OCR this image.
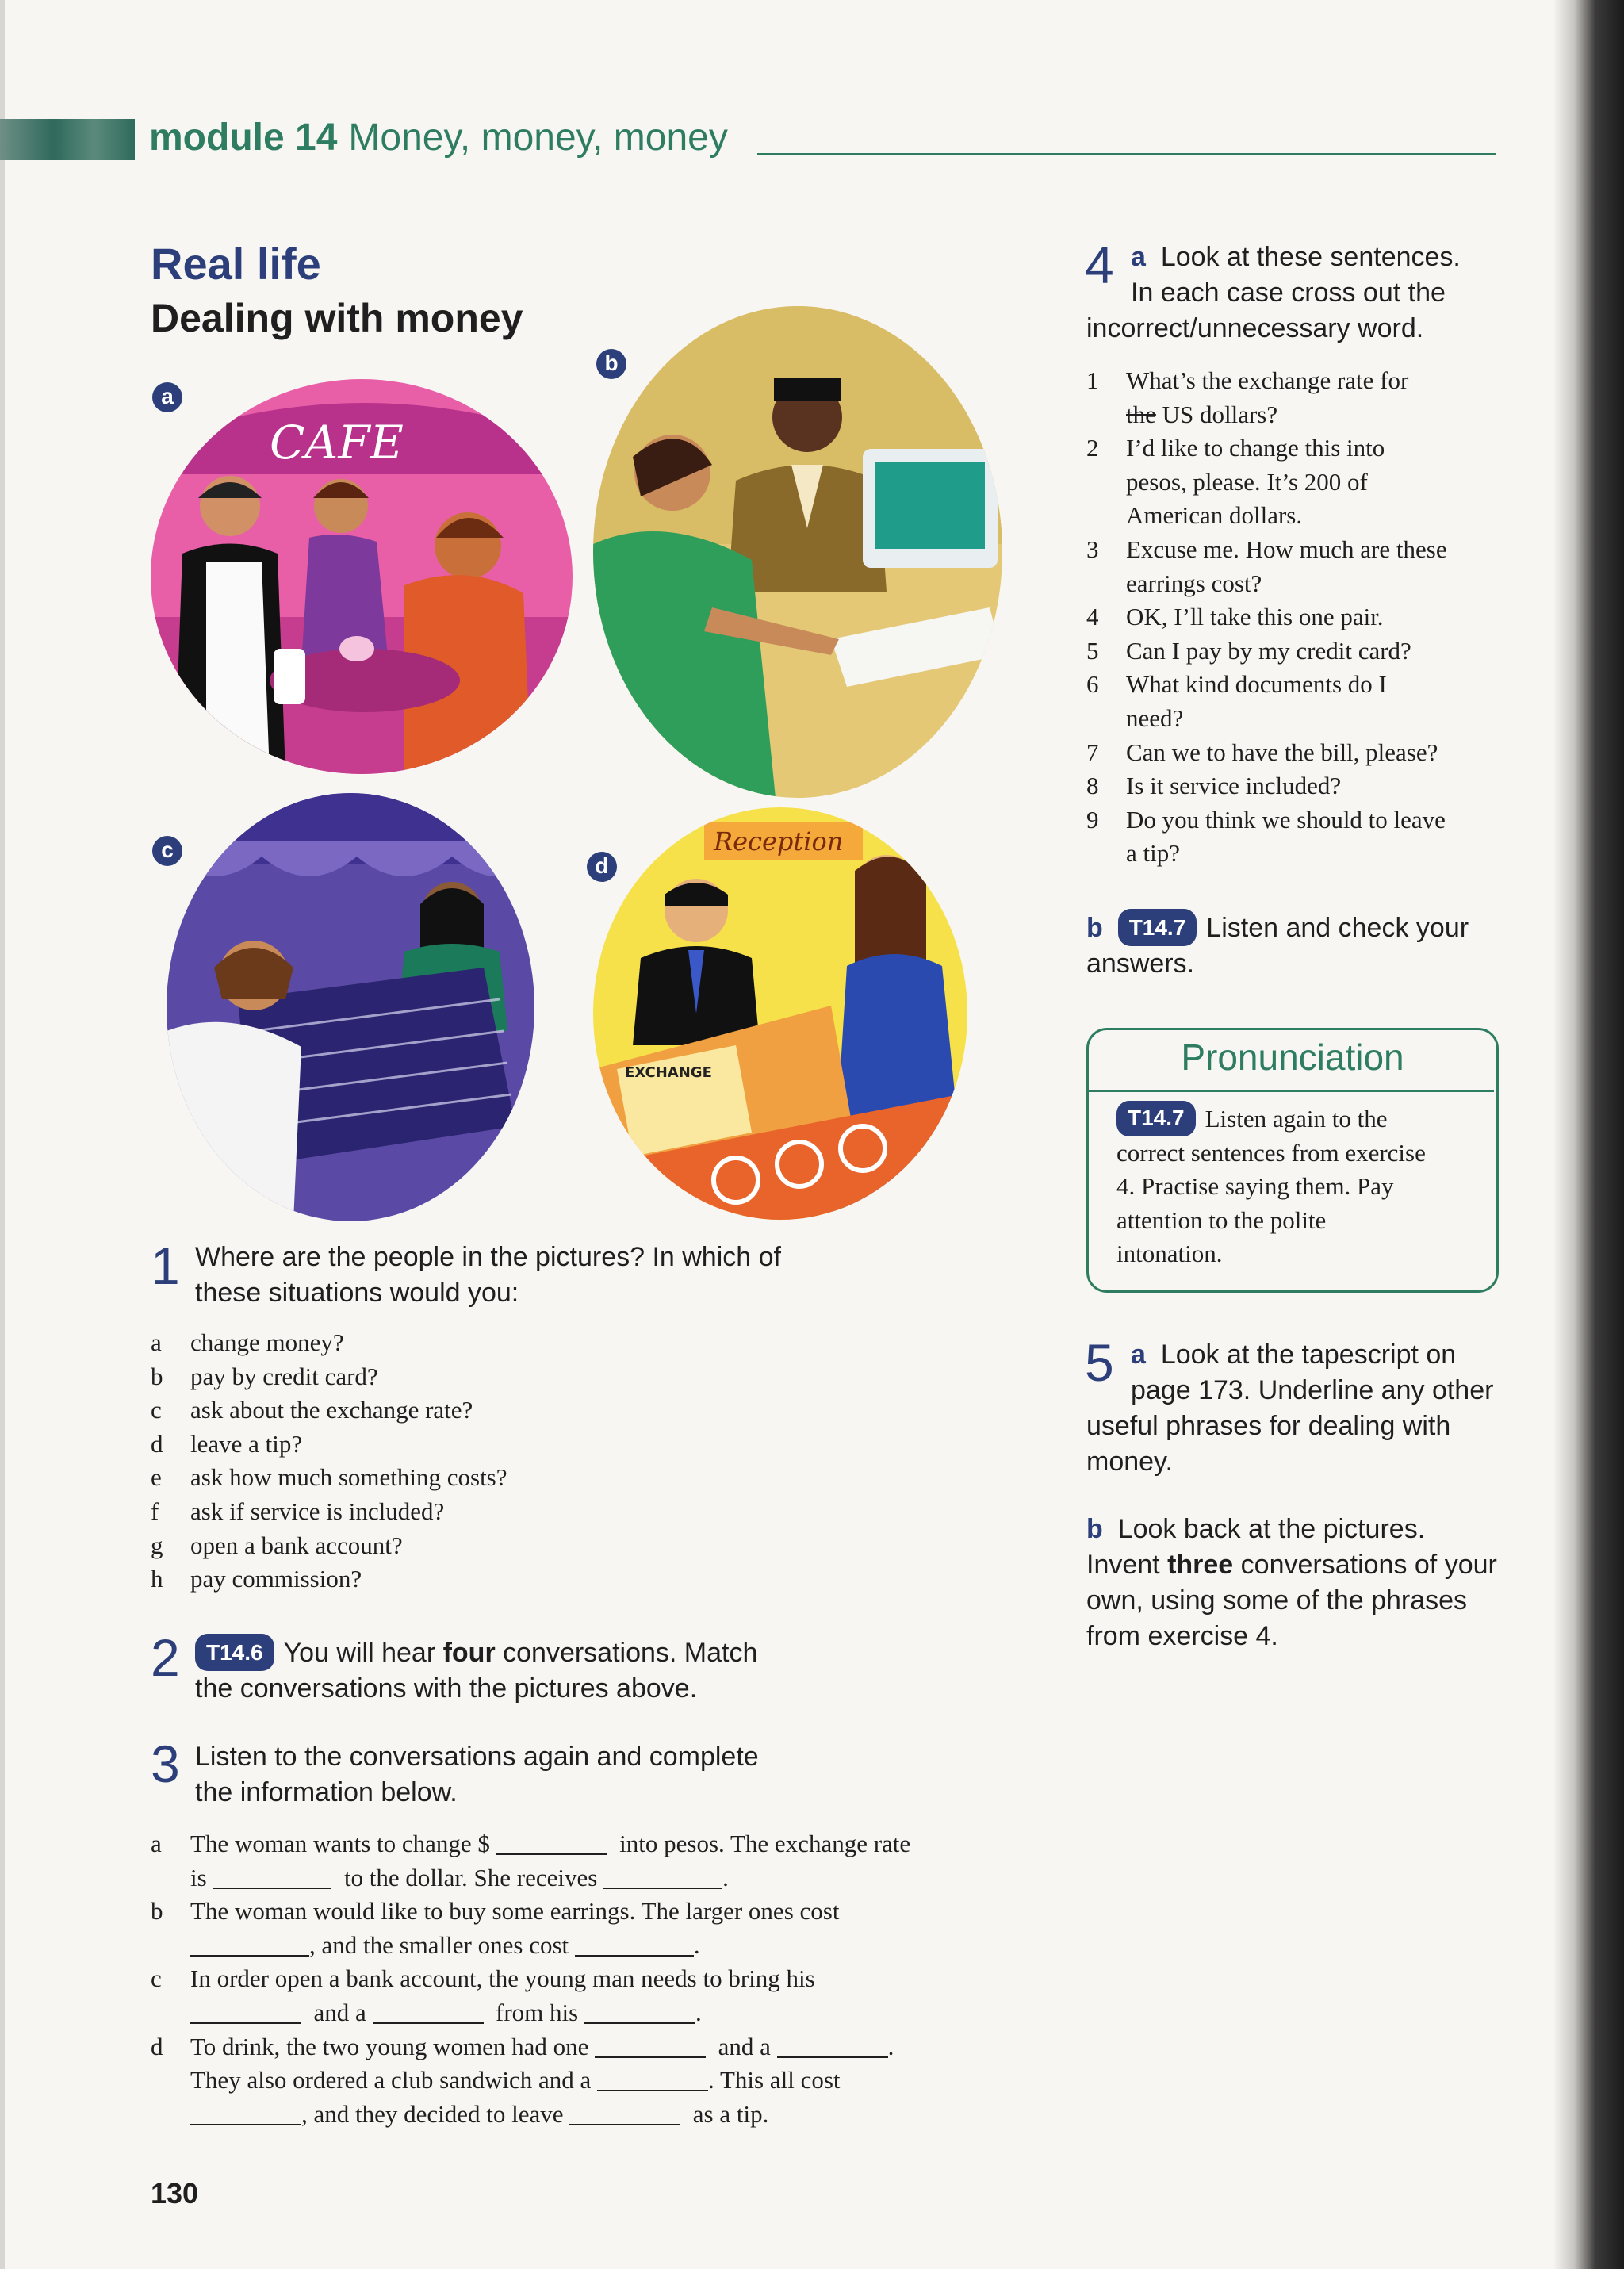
module 14 Money, money, money
Real life
Dealing with money
a
CAFE
b
c
d
Reception
EXCHANGE
1 Where are the people in the pictures? In which of these situations would you:
a change money?
b pay by credit card?
c ask about the exchange rate?
d leave a tip?
e ask how much something costs?
f ask if service is included?
g open a bank account?
h pay commission?
2	T14.6 You will hear four conversations. Match the conversations with the pictures above.
3 Listen to the conversations again and complete the information below.
a The woman wants to change $	into pesos. The exchange rate
is	to the dollar. She receives	.
b The woman would like to buy some earrings. The larger ones cost
, and the smaller ones cost	.
c In order open a bank account, the young man needs to bring his
and a	from his	.
d To drink, the two young women had one	and a	.
They also ordered a club sandwich and a	. This all cost
, and they decided to leave	as a tip.
4 a Look at these sentences.
In each case cross out the
incorrect/unnecessary word.
1 What’s the exchange rate for
the US dollars?
2 I’d like to change this into
pesos, please. It’s 200 of
American dollars.
3 Excuse me. How much are these
earrings cost?
4 OK, I’ll take this one pair.
5 Can I pay by my credit card?
6 What kind documents do I
need?
7 Can we to have the bill, please?
8 Is it service included?
9 Do you think we should to leave
a tip?
b T14.7 Listen and check your
answers.
Pronunciation
T14.7 Listen again to the
correct sentences from exercise
4. Practise saying them. Pay
attention to the polite
intonation.
5 a Look at the tapescript on
page 173. Underline any other
useful phrases for dealing with
money.
b Look back at the pictures.
Invent three conversations of your
own, using some of the phrases
from exercise 4.
130
